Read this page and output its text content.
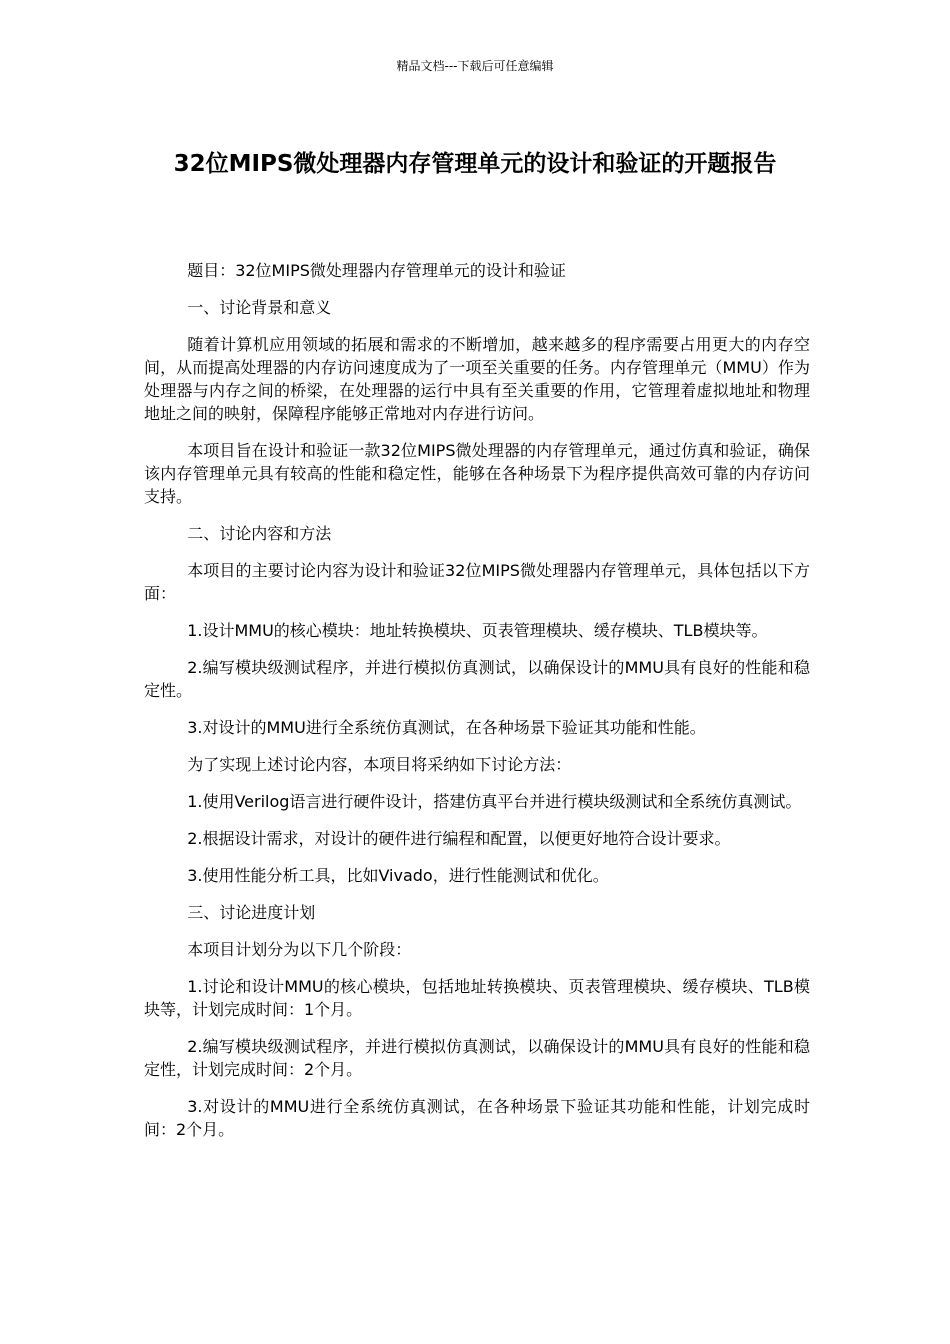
精品文档---下载后可任意编辑
32位MIPS微处理器内存管理单元的设计和验证的开题报告

题目：32位MIPS微处理器内存管理单元的设计和验证

一、讨论背景和意义

随着计算机应用领域的拓展和需求的不断增加，越来越多的程序需要占用更大的内存空间，从而提高处理器的内存访问速度成为了一项至关重要的任务。内存管理单元（MMU）作为处理器与内存之间的桥梁，在处理器的运行中具有至关重要的作用，它管理着虚拟地址和物理地址之间的映射，保障程序能够正常地对内存进行访问。

本项目旨在设计和验证一款32位MIPS微处理器的内存管理单元，通过仿真和验证，确保该内存管理单元具有较高的性能和稳定性，能够在各种场景下为程序提供高效可靠的内存访问支持。

二、讨论内容和方法

本项目的主要讨论内容为设计和验证32位MIPS微处理器内存管理单元，具体包括以下方面：

1.设计MMU的核心模块：地址转换模块、页表管理模块、缓存模块、TLB模块等。

2.编写模块级测试程序，并进行模拟仿真测试，以确保设计的MMU具有良好的性能和稳定性。

3.对设计的MMU进行全系统仿真测试，在各种场景下验证其功能和性能。

为了实现上述讨论内容，本项目将采纳如下讨论方法：

1.使用Verilog语言进行硬件设计，搭建仿真平台并进行模块级测试和全系统仿真测试。

2.根据设计需求，对设计的硬件进行编程和配置，以便更好地符合设计要求。

3.使用性能分析工具，比如Vivado，进行性能测试和优化。

三、讨论进度计划

本项目计划分为以下几个阶段：

1.讨论和设计MMU的核心模块，包括地址转换模块、页表管理模块、缓存模块、TLB模块等，计划完成时间：1个月。

2.编写模块级测试程序，并进行模拟仿真测试，以确保设计的MMU具有良好的性能和稳定性，计划完成时间：2个月。

3.对设计的MMU进行全系统仿真测试，在各种场景下验证其功能和性能，计划完成时间：2个月。
